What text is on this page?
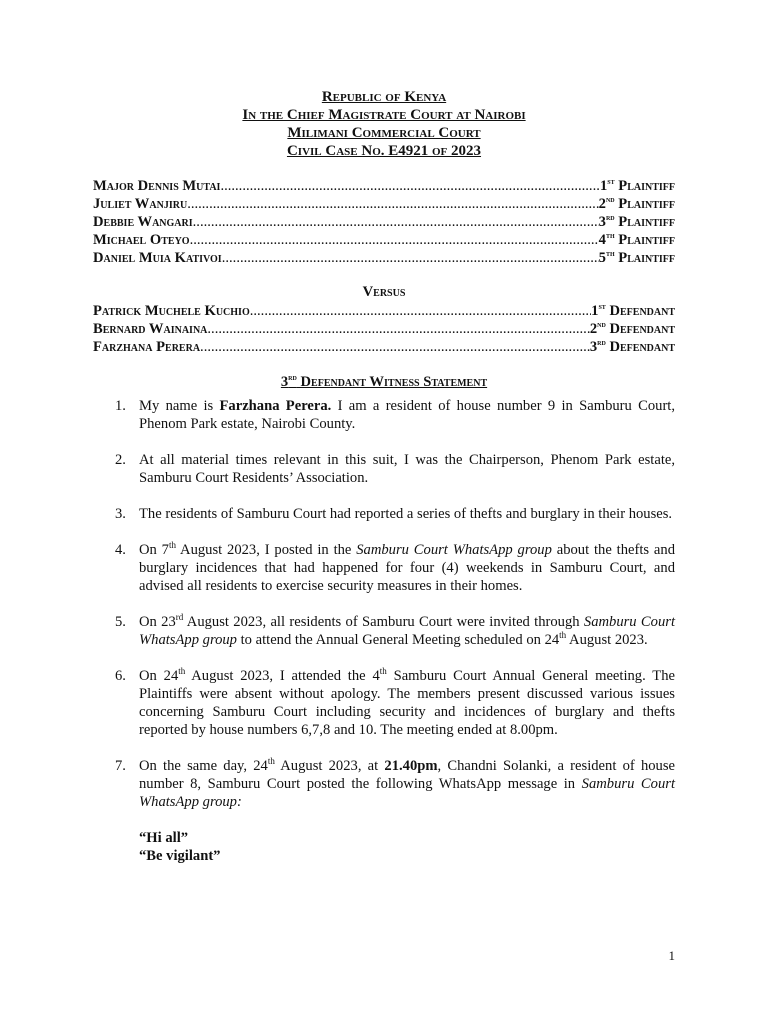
Republic of Kenya
In the Chief Magistrate Court at Nairobi
Milimani Commercial Court
Civil Case No. E4921 of 2023
Major Dennis Mutai .....	1st Plaintiff
Juliet Wanjiru .....	2nd Plaintiff
Debbie Wangari .....	3rd Plaintiff
Michael Oteyo .....	4th Plaintiff
Daniel Muia Kativoi .....	5th Plaintiff
Versus
Patrick Muchele Kuchio .....	1st Defendant
Bernard Wainaina .....	2nd Defendant
Farzhana Perera .....	3rd Defendant
3rd Defendant Witness Statement
1. My name is Farzhana Perera. I am a resident of house number 9 in Samburu Court, Phenom Park estate, Nairobi County.
2. At all material times relevant in this suit, I was the Chairperson, Phenom Park estate, Samburu Court Residents’ Association.
3. The residents of Samburu Court had reported a series of thefts and burglary in their houses.
4. On 7th August 2023, I posted in the Samburu Court WhatsApp group about the thefts and burglary incidences that had happened for four (4) weekends in Samburu Court, and advised all residents to exercise security measures in their homes.
5. On 23rd August 2023, all residents of Samburu Court were invited through Samburu Court WhatsApp group to attend the Annual General Meeting scheduled on 24th August 2023.
6. On 24th August 2023, I attended the 4th Samburu Court Annual General meeting. The Plaintiffs were absent without apology. The members present discussed various issues concerning Samburu Court including security and incidences of burglary and thefts reported by house numbers 6,7,8 and 10. The meeting ended at 8.00pm.
7. On the same day, 24th August 2023, at 21.40pm, Chandni Solanki, a resident of house number 8, Samburu Court posted the following WhatsApp message in Samburu Court WhatsApp group:
“Hi all”
“Be vigilant”
1
